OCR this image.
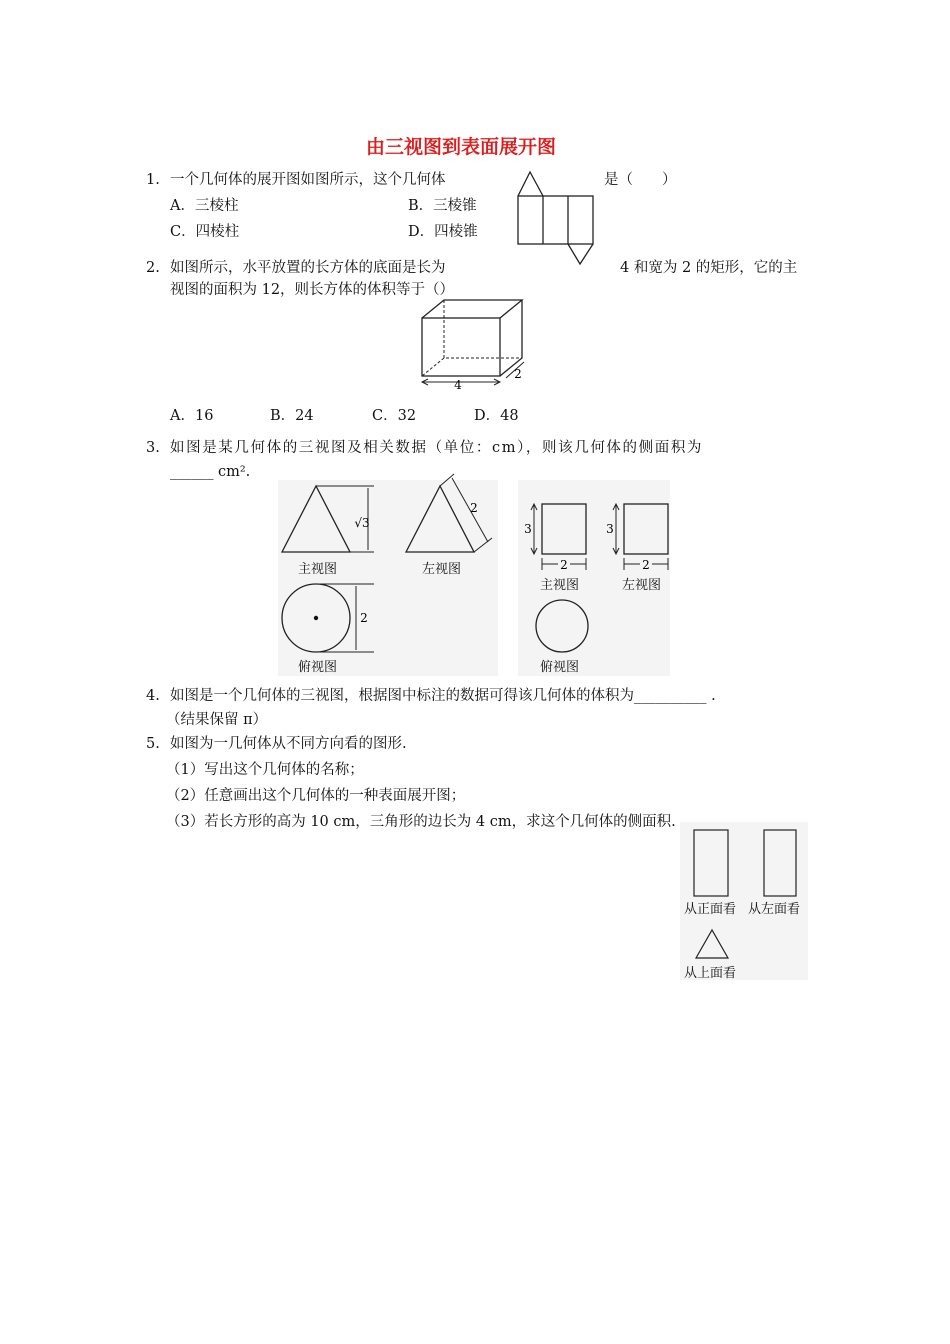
由三视图到表面展开图
1. 一个几何体的展开图如图所示，这个几何体	是（　　）
A．三棱柱	B．三棱锥
C．四棱柱	D．四棱锥
2. 如图所示，水平放置的长方体的底面是长为	4 和宽为 2 的矩形，它的主
视图的面积为 12，则长方体的体积等于（）
4
2
A．16	B．24	C．32	D．48
3. 如图是某几何体的三视图及相关数据（单位：cm），则该几何体的侧面积为
______ cm².
√3
2
2
主视图	左视图
俯视图
3
2
3
2
主视图	左视图
俯视图
4. 如图是一个几何体的三视图，根据图中标注的数据可得该几何体的体积为__________ .
（结果保留 π）
5. 如图为一几何体从不同方向看的图形.
（1）写出这个几何体的名称；
（2）任意画出这个几何体的一种表面展开图；
（3）若长方形的高为 10 cm，三角形的边长为 4 cm，求这个几何体的侧面积.
从正面看 从左面看
从上面看
